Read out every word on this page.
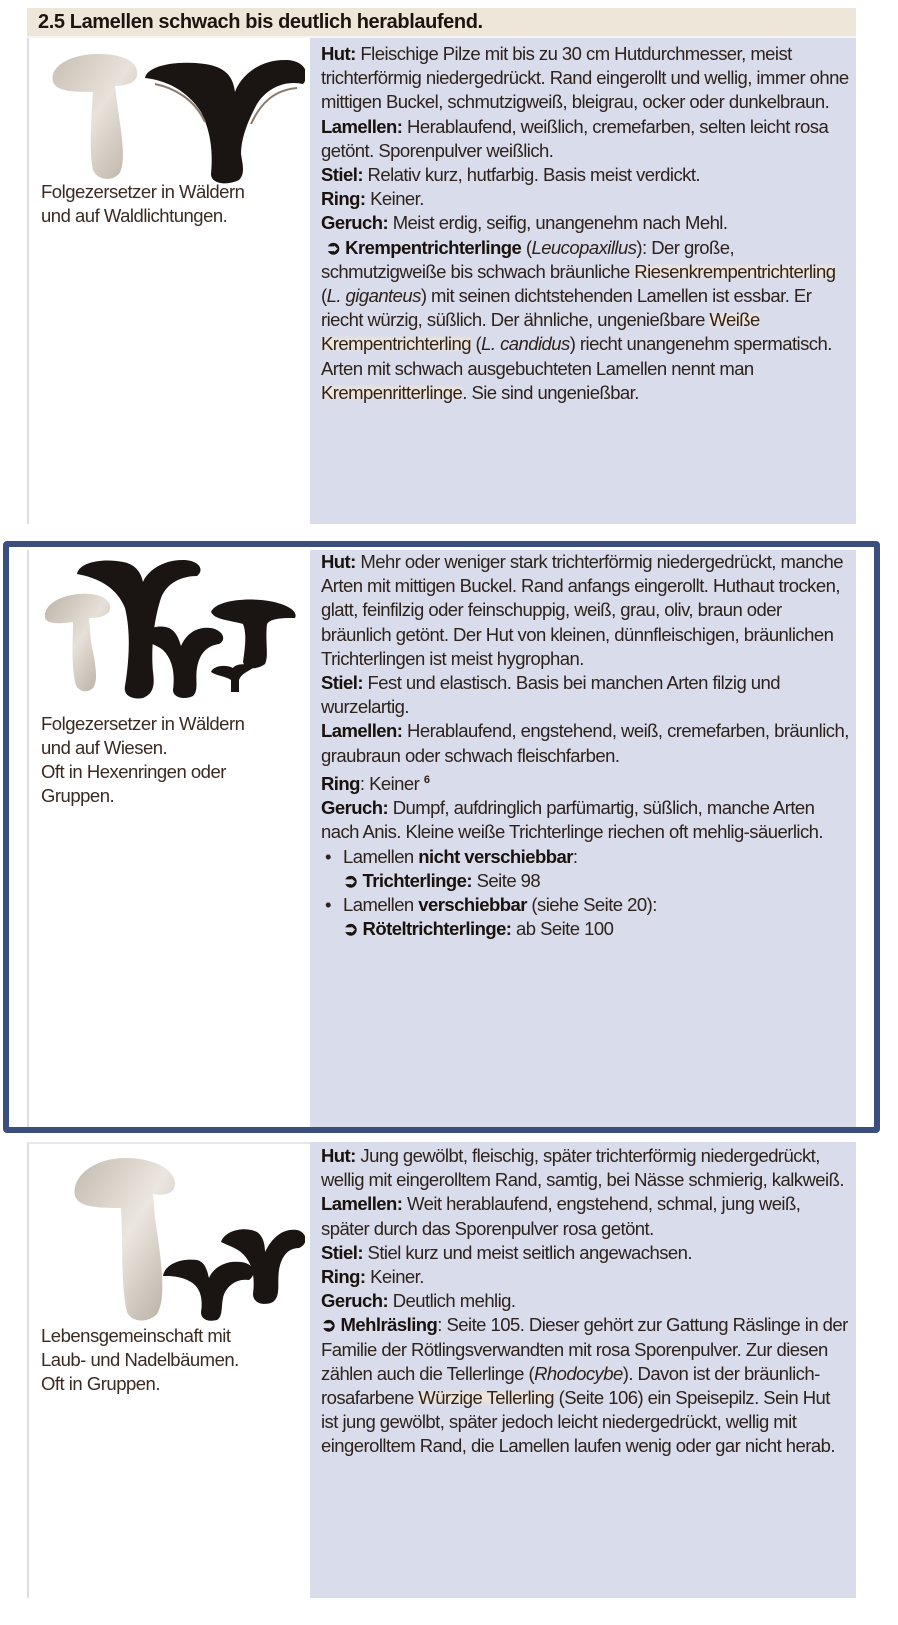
2.5 Lamellen schwach bis deutlich herablaufend.
Folgezersetzer in Wäldern
und auf Waldlichtungen.

Hut: Fleischige Pilze mit bis zu 30 cm Hutdurchmesser, meist trichterförmig niedergedrückt. Rand eingerollt und wellig, immer ohne mittigen Buckel, schmutzigweiß, bleigrau, ocker oder dunkelbraun.

Lamellen: Herablaufend, weißlich, cremefarben, selten leicht rosa getönt. Sporenpulver weißlich.

Stiel: Relativ kurz, hutfarbig. Basis meist verdickt.

Ring: Keiner.

Geruch: Meist erdig, seifig, unangenehm nach Mehl.

➲ Krempentrichterlinge (Leucopaxillus): Der große, schmutzigweiße bis schwach bräunliche Riesenkrempentrichterling (L. giganteus) mit seinen dichtstehenden Lamellen ist essbar. Er riecht würzig, süßlich. Der ähnliche, ungenießbare Weiße Krempentrichterling (L. candidus) riecht unangenehm spermatisch. Arten mit schwach ausgebuchteten Lamellen nennt man Krempenritterlinge. Sie sind ungenießbar.

Folgezersetzer in Wäldern
und auf Wiesen.
Oft in Hexenringen oder
Gruppen.

Hut: Mehr oder weniger stark trichterförmig niedergedrückt, manche Arten mit mittigen Buckel. Rand anfangs eingerollt. Huthaut trocken, glatt, feinfilzig oder feinschuppig, weiß, grau, oliv, braun oder bräunlich getönt. Der Hut von kleinen, dünnfleischigen, bräunlichen Trichterlingen ist meist hygrophan.

Stiel: Fest und elastisch. Basis bei manchen Arten filzig und wurzelartig.

Lamellen: Herablaufend, engstehend, weiß, cremefarben, bräunlich, graubraun oder schwach fleischfarben.

Ring: Keiner $^6$

Geruch: Dumpf, aufdringlich parfümartig, süßlich, manche Arten nach Anis. Kleine weiße Trichterlinge riechen oft mehlig-säuerlich.

• Lamellen nicht verschiebbar:
➲ Trichterlinge: Seite 98

• Lamellen verschiebbar (siehe Seite 20):
➲ Röteltrichterlinge: ab Seite 100

Lebensgemeinschaft mit
Laub- und Nadelbäumen.
Oft in Gruppen.

Hut: Jung gewölbt, fleischig, später trichterförmig niedergedrückt, wellig mit eingerolltem Rand, samtig, bei Nässe schmierig, kalkweiß.

Lamellen: Weit herablaufend, engstehend, schmal, jung weiß, später durch das Sporenpulver rosa getönt.

Stiel: Stiel kurz und meist seitlich angewachsen.

Ring: Keiner.

Geruch: Deutlich mehlig.

➲ Mehlräsling: Seite 105. Dieser gehört zur Gattung Räslinge in der Familie der Rötlingsverwandten mit rosa Sporenpulver. Zur diesen zählen auch die Tellerlinge (Rhodocybe). Davon ist der bräunlich-rosafarbene Würzige Tellerling (Seite 106) ein Speisepilz. Sein Hut ist jung gewölbt, später jedoch leicht niedergedrückt, wellig mit eingerolltem Rand, die Lamellen laufen wenig oder gar nicht herab.
